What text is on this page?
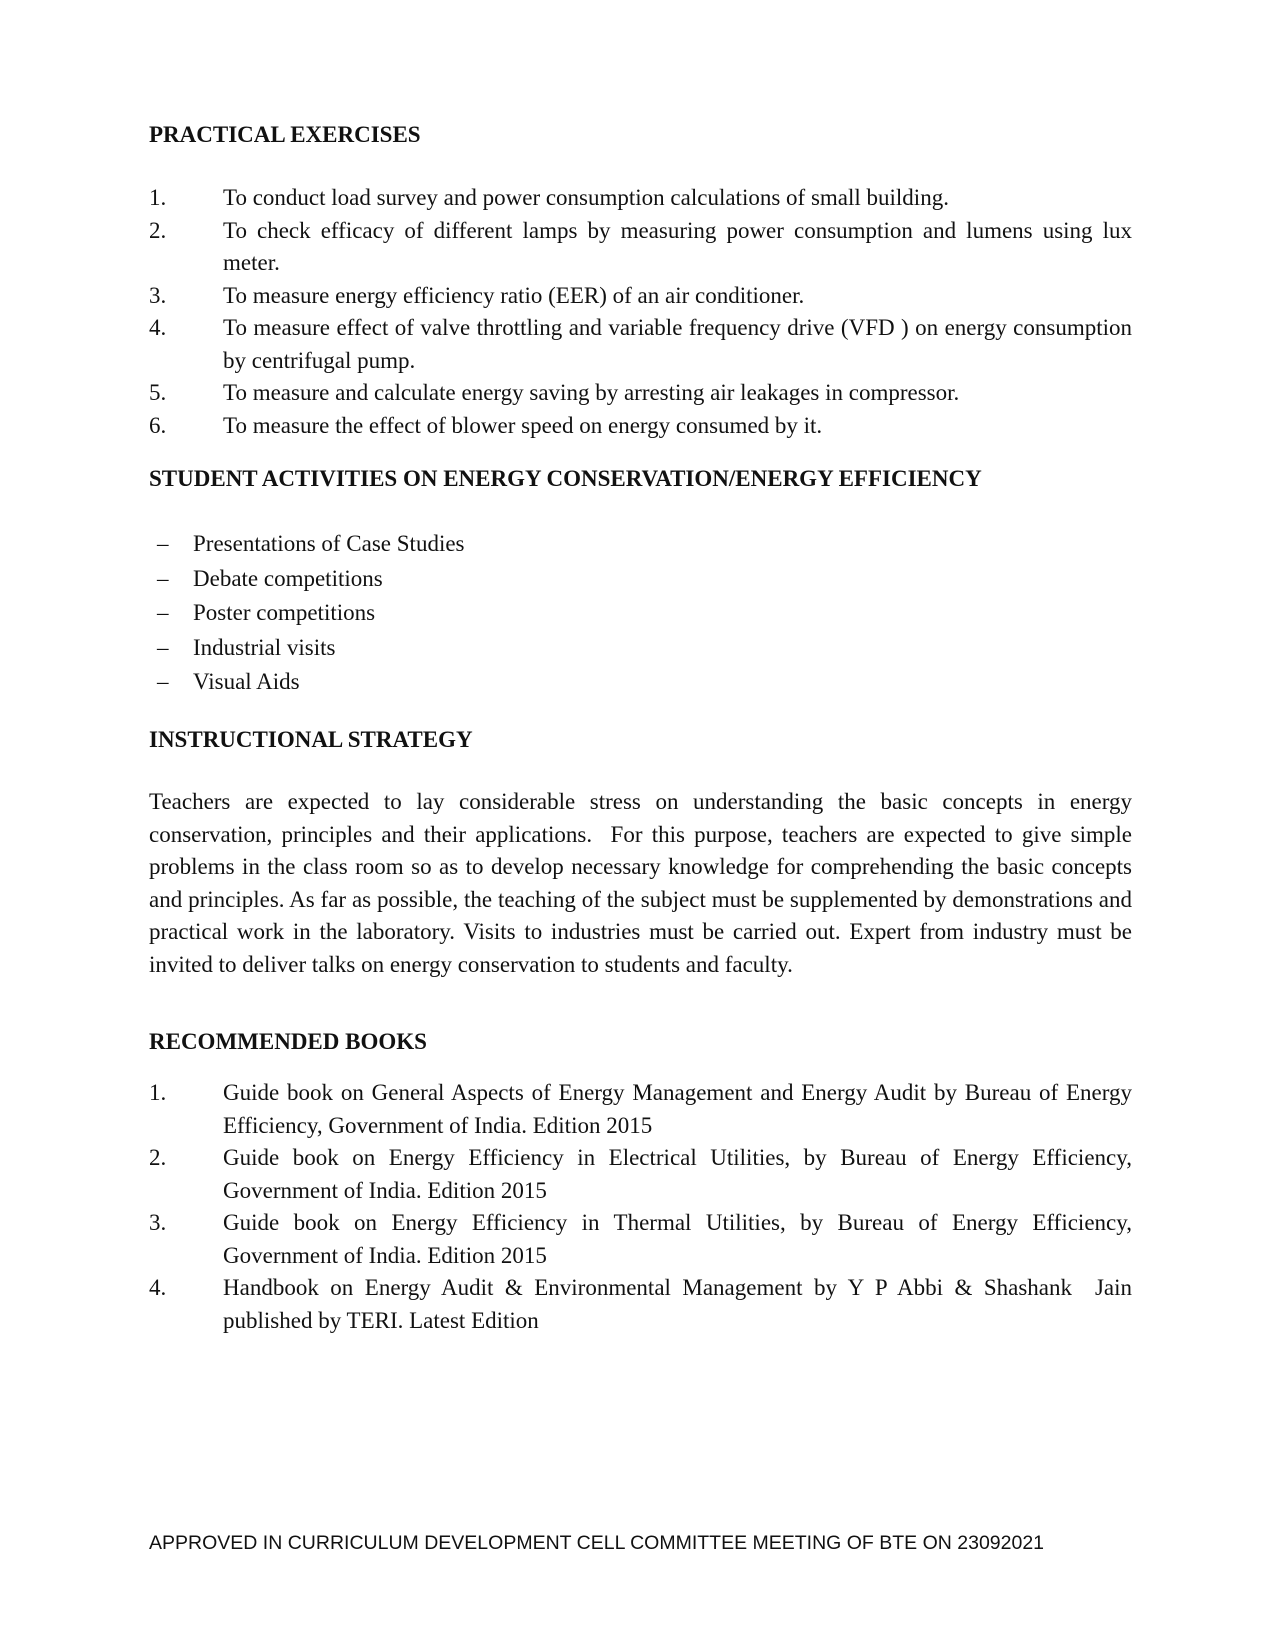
PRACTICAL EXERCISES
1. To conduct load survey and power consumption calculations of small building.
2. To check efficacy of different lamps by measuring power consumption and lumens using lux meter.
3. To measure energy efficiency ratio (EER) of an air conditioner.
4. To measure effect of valve throttling and variable frequency drive (VFD ) on energy consumption by centrifugal pump.
5. To measure and calculate energy saving by arresting air leakages in compressor.
6. To measure the effect of blower speed on energy consumed by it.
STUDENT ACTIVITIES ON ENERGY CONSERVATION/ENERGY EFFICIENCY
– Presentations of Case Studies
– Debate competitions
– Poster competitions
– Industrial visits
– Visual Aids
INSTRUCTIONAL STRATEGY

Teachers are expected to lay considerable stress on understanding the basic concepts in energy conservation, principles and their applications.  For this purpose, teachers are expected to give simple problems in the class room so as to develop necessary knowledge for comprehending the basic concepts and principles. As far as possible, the teaching of the subject must be supplemented by demonstrations and practical work in the laboratory. Visits to industries must be carried out. Expert from industry must be invited to deliver talks on energy conservation to students and faculty.

RECOMMENDED BOOKS
1. Guide book on General Aspects of Energy Management and Energy Audit by Bureau of Energy Efficiency, Government of India. Edition 2015
2. Guide book on Energy Efficiency in Electrical Utilities, by Bureau of Energy Efficiency, Government of India. Edition 2015
3. Guide book on Energy Efficiency in Thermal Utilities, by Bureau of Energy Efficiency, Government of India. Edition 2015
4. Handbook on Energy Audit & Environmental Management by Y P Abbi & Shashank  Jain published by TERI. Latest Edition
APPROVED IN CURRICULUM DEVELOPMENT CELL COMMITTEE MEETING OF BTE ON 23092021
